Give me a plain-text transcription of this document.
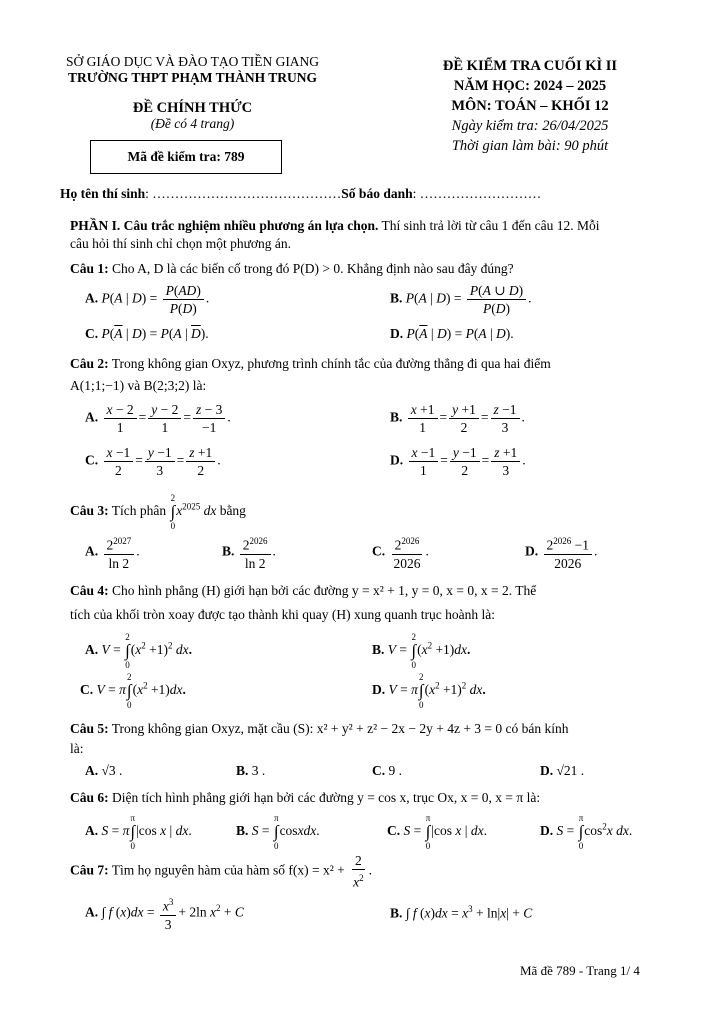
SỞ GIÁO DỤC VÀ ĐÀO TẠO TIỀN GIANG
TRƯỜNG THPT PHẠM THÀNH TRUNG
ĐỀ CHÍNH THỨC
(Đề có 4 trang)
Mã đề kiểm tra: 789
ĐỀ KIỂM TRA CUỐI KÌ II
NĂM HỌC: 2024 – 2025
MÔN: TOÁN – KHỐI 12
Ngày kiểm tra: 26/04/2025
Thời gian làm bài: 90 phút
Họ tên thí sinh: ……………………………………Số báo danh: ………………………
PHẦN I. Câu trắc nghiệm nhiều phương án lựa chọn. Thí sinh trả lời từ câu 1 đến câu 12. Mỗi
câu hỏi thí sinh chỉ chọn một phương án.
Câu 1: Cho A, D là các biến cố trong đó P(D) > 0. Khẳng định nào sau đây đúng?
A. P(A | $D) = \frac{P(AD)}{P(D)}$ .	B. P(A | $D) = \frac{P(A \cup D)}{P(D)}$ .
C. $P(\overline{A}$ | D) = P(A | $\overline{D}$).	D. $P(\overline{A}$ | D) = P(A | D).
Câu 2: Trong không gian Oxyz, phương trình chính tắc của đường thẳng đi qua hai điểm
A(1;1;−1) và B(2;3;2) là:
A. $\frac{x - 2}{1} = \frac{y - 2}{1} = \frac{z - 3}{-1}$ .	B. $\frac{x +1}{1} = \frac{y +1}{2} = \frac{z -1}{3}$ .
C. $\frac{x -1}{2} = \frac{y -1}{3} = \frac{z +1}{2}$ .	D. $\frac{x -1}{1} = \frac{y -1}{2} = \frac{z +1}{3}$ .
Câu 3: Tích phân
2
∫
0
$x^{2025}$ dx bằng
A. $\frac{2^{2027}}{\ln 2}$ .	B. $\frac{2^{2026}}{\ln 2}$ .	C. $\frac{2^{2026}}{2026}$ .	D. $\frac{2^{2026} -1}{2026}$ .
Câu 4: Cho hình phẳng (H) giới hạn bởi các đường y = x² + 1, y = 0, x = 0, x = 2. Thể
tích của khối tròn xoay được tạo thành khi quay (H) xung quanh trục hoành là:
A. V =
2
∫
0
$(x^2 +1)^2$ dx.	B. V =
2
∫
0
$(x^2 +1)dx$.
C. V = π
2
∫
0
$(x^2 +1)dx$.	D. V = π
2
∫
0
$(x^2 +1)^2$ dx.
Câu 5: Trong không gian Oxyz, mặt cầu (S): x² + y² + z² − 2x − 2y + 4z + 3 = 0 có bán kính
là:
A. √3 .	B. 3 .	C. 9 .	D. √21 .
Câu 6: Diện tích hình phẳng giới hạn bởi các đường y = cos x, trục Ox, x = 0, x = π là:
A. S = π
π
∫
0
|cos x | dx.	B. S =
π
∫
0
cosxdx.	C. S =
π
∫
0
|cos x | dx.	D. S =
π
∫
0
$\cos^2x$ dx.
Câu 7: Tìm họ nguyên hàm của hàm số $f(x) = x^2 + \frac{2}{x^2}$ .
A. ∫ f $(x)dx = \frac{x^3}{3} + 2\ln$ $x^2 + C$	B. ∫ f $(x)dx = x^3 + \ln|x| + C$
Mã đề 789 - Trang 1/ 4
